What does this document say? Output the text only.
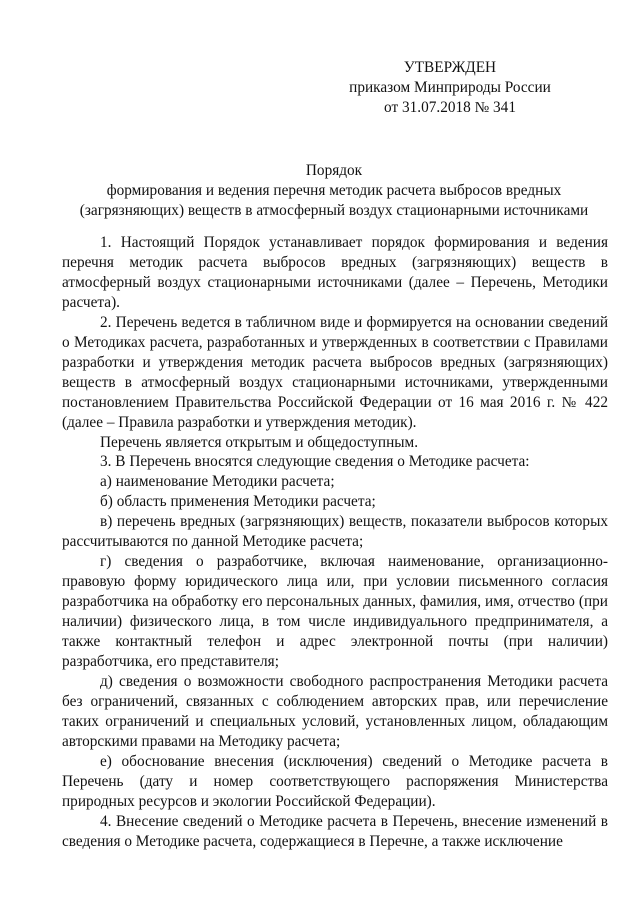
УТВЕРЖДЕН
приказом Минприроды России
от 31.07.2018 № 341
Порядок
формирования и ведения перечня методик расчета выбросов вредных
(загрязняющих) веществ в атмосферный воздух стационарными источниками

1. Настоящий Порядок устанавливает порядок формирования и ведения перечня методик расчета выбросов вредных (загрязняющих) веществ в атмосферный воздух стационарными источниками (далее – Перечень, Методики расчета).

2. Перечень ведется в табличном виде и формируется на основании сведений о Методиках расчета, разработанных и утвержденных в соответствии с Правилами разработки и утверждения методик расчета выбросов вредных (загрязняющих) веществ в атмосферный воздух стационарными источниками, утвержденными постановлением Правительства Российской Федерации от 16 мая 2016 г. № 422 (далее – Правила разработки и утверждения методик).

Перечень является открытым и общедоступным.

3. В Перечень вносятся следующие сведения о Методике расчета:

а) наименование Методики расчета;

б) область применения Методики расчета;

в) перечень вредных (загрязняющих) веществ, показатели выбросов которых рассчитываются по данной Методике расчета;

г) сведения о разработчике, включая наименование, организационно-правовую форму юридического лица или, при условии письменного согласия разработчика на обработку его персональных данных, фамилия, имя, отчество (при наличии) физического лица, в том числе индивидуального предпринимателя, а также контактный телефон и адрес электронной почты (при наличии) разработчика, его представителя;

д) сведения о возможности свободного распространения Методики расчета без ограничений, связанных с соблюдением авторских прав, или перечисление таких ограничений и специальных условий, установленных лицом, обладающим авторскими правами на Методику расчета;

е) обоснование внесения (исключения) сведений о Методике расчета в Перечень (дату и номер соответствующего распоряжения Министерства природных ресурсов и экологии Российской Федерации).

4. Внесение сведений о Методике расчета в Перечень, внесение изменений в сведения о Методике расчета, содержащиеся в Перечне, а также исключение
